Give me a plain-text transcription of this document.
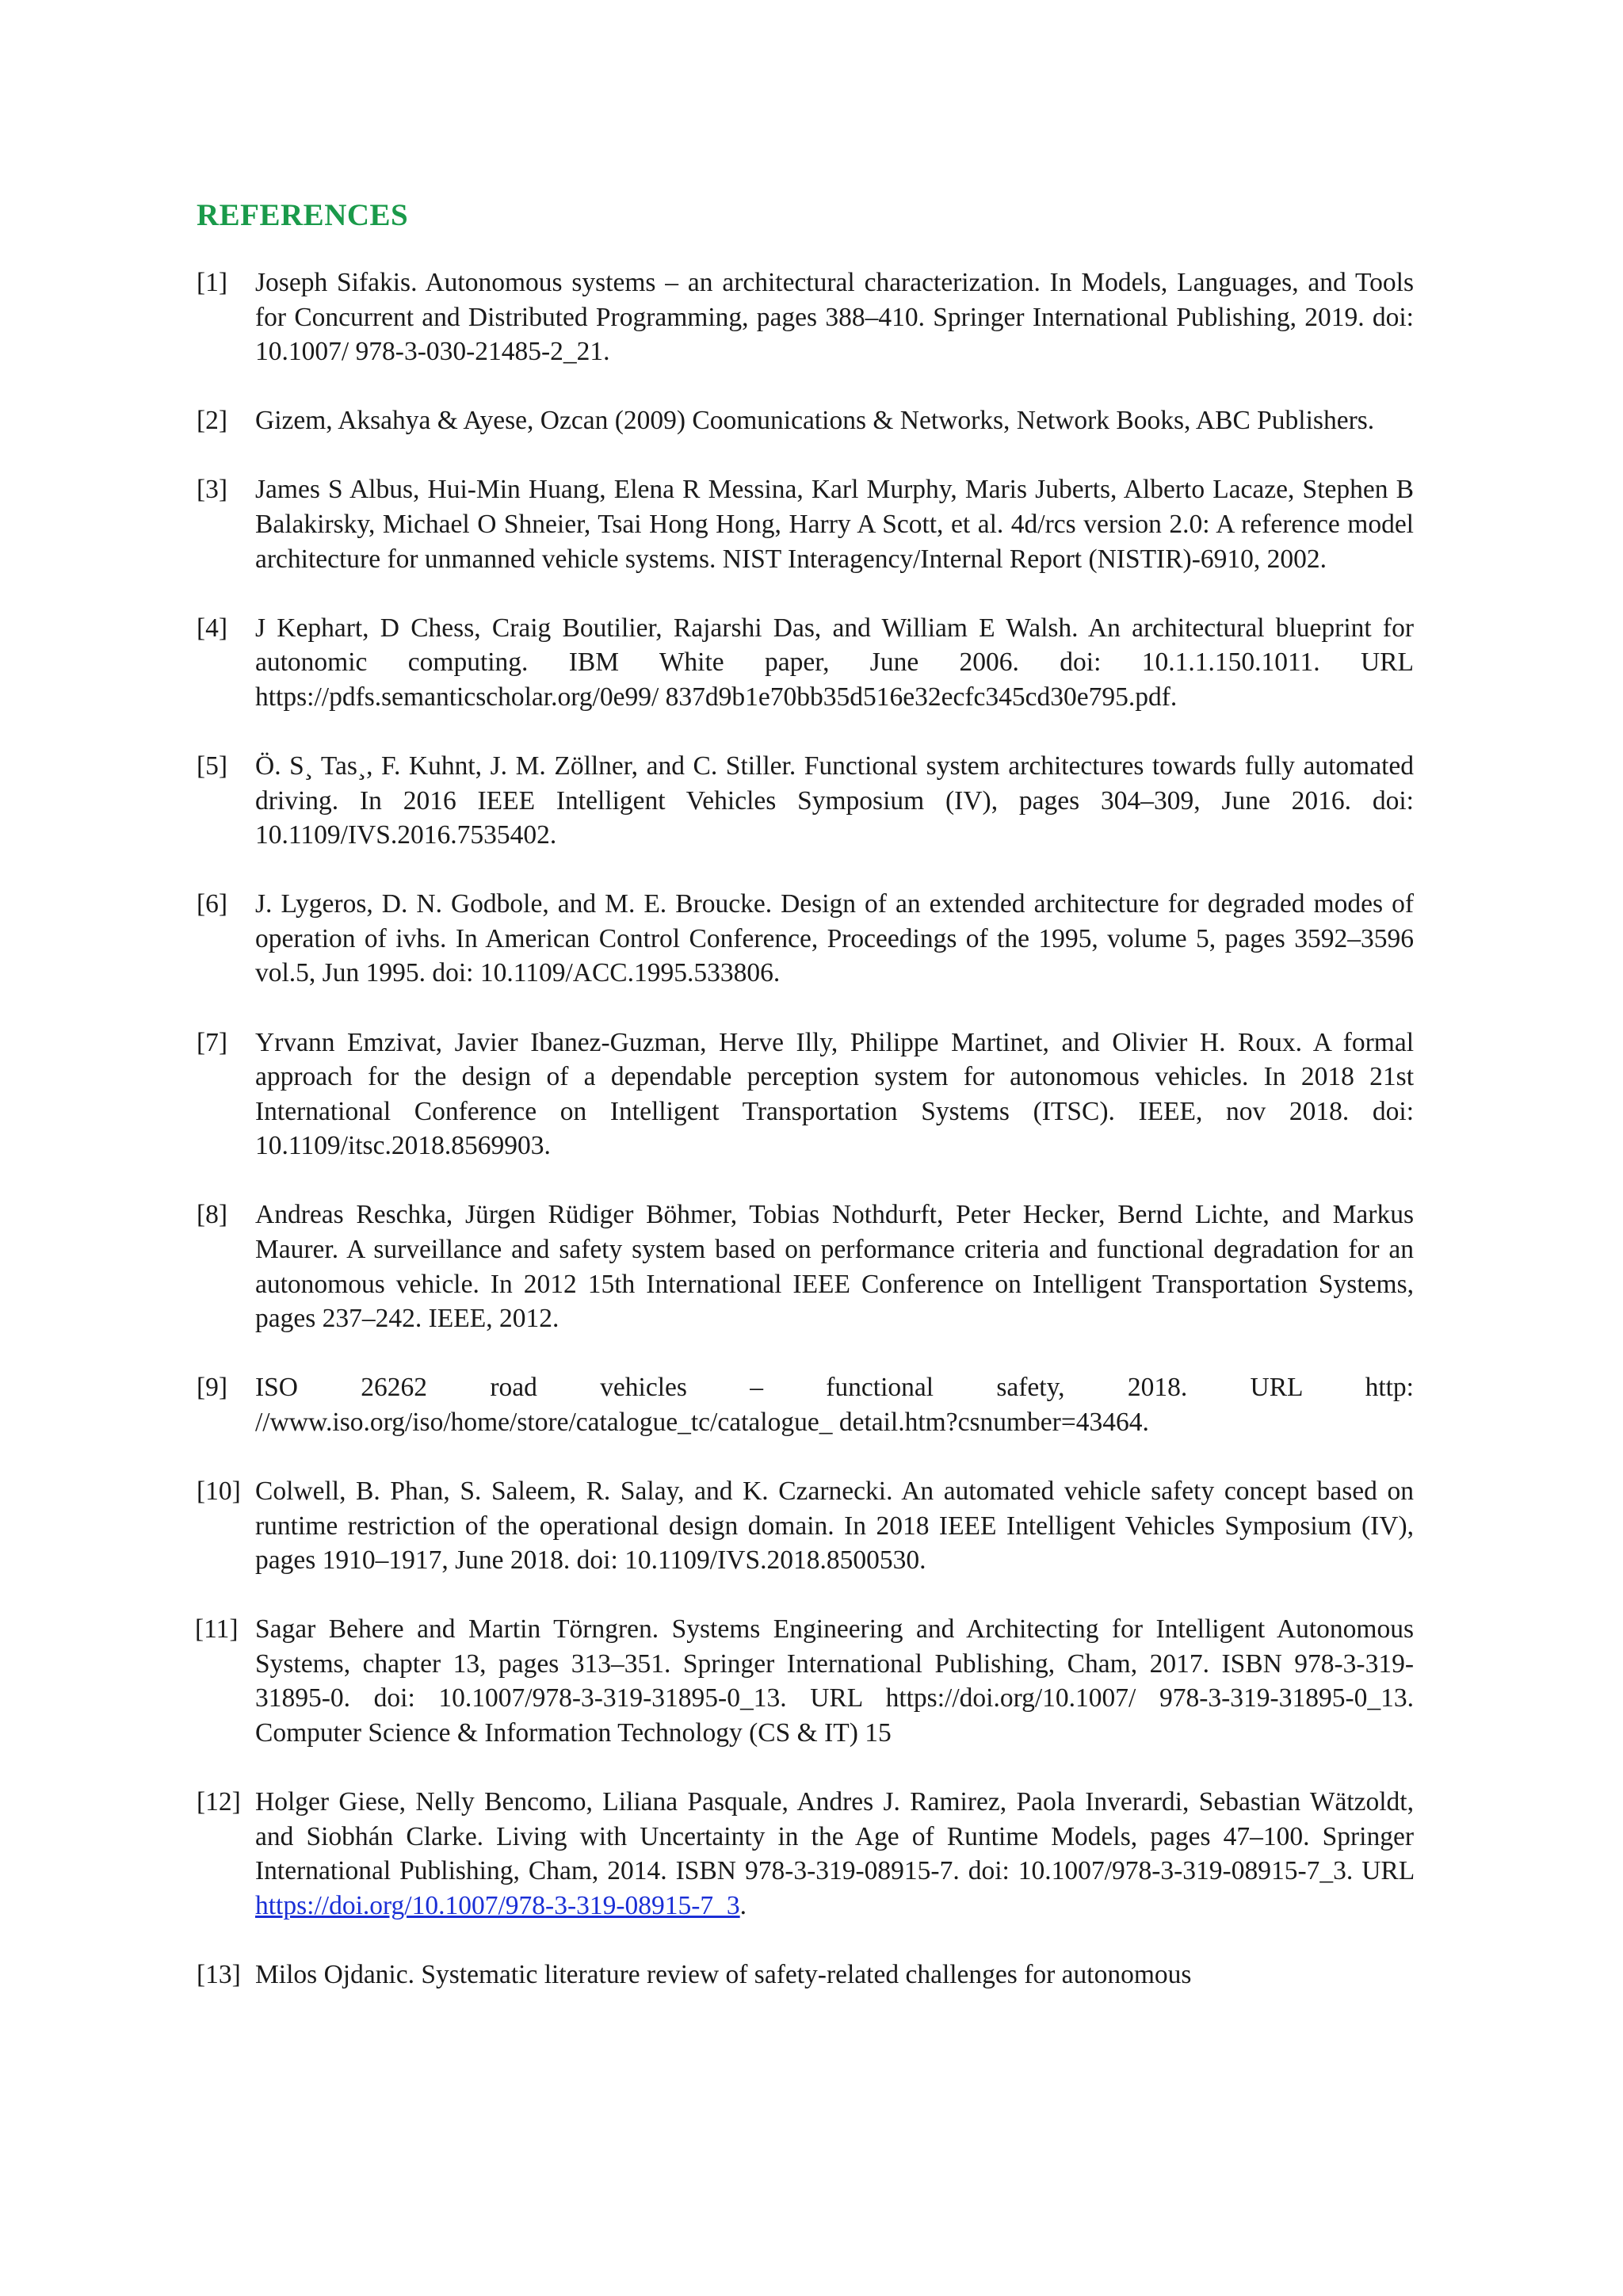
REFERENCES
[1] Joseph Sifakis. Autonomous systems – an architectural characterization. In Models, Languages, and Tools for Concurrent and Distributed Programming, pages 388–410. Springer International Publishing, 2019. doi: 10.1007/ 978-3-030-21485-2_21.
[2] Gizem, Aksahya & Ayese, Ozcan (2009) Coomunications & Networks, Network Books, ABC Publishers.
[3] James S Albus, Hui-Min Huang, Elena R Messina, Karl Murphy, Maris Juberts, Alberto Lacaze, Stephen B Balakirsky, Michael O Shneier, Tsai Hong Hong, Harry A Scott, et al. 4d/rcs version 2.0: A reference model architecture for unmanned vehicle systems. NIST Interagency/Internal Report (NISTIR)-6910, 2002.
[4] J Kephart, D Chess, Craig Boutilier, Rajarshi Das, and William E Walsh. An architectural blueprint for autonomic computing. IBM White paper, June 2006. doi: 10.1.1.150.1011. URL https://pdfs.semanticscholar.org/0e99/ 837d9b1e70bb35d516e32ecfc345cd30e795.pdf.
[5] Ö. S¸ Tas¸, F. Kuhnt, J. M. Zöllner, and C. Stiller. Functional system architectures towards fully automated driving. In 2016 IEEE Intelligent Vehicles Symposium (IV), pages 304–309, June 2016. doi: 10.1109/IVS.2016.7535402.
[6] J. Lygeros, D. N. Godbole, and M. E. Broucke. Design of an extended architecture for degraded modes of operation of ivhs. In American Control Conference, Proceedings of the 1995, volume 5, pages 3592–3596 vol.5, Jun 1995. doi: 10.1109/ACC.1995.533806.
[7] Yrvann Emzivat, Javier Ibanez-Guzman, Herve Illy, Philippe Martinet, and Olivier H. Roux. A formal approach for the design of a dependable perception system for autonomous vehicles. In 2018 21st International Conference on Intelligent Transportation Systems (ITSC). IEEE, nov 2018. doi: 10.1109/itsc.2018.8569903.
[8] Andreas Reschka, Jürgen Rüdiger Böhmer, Tobias Nothdurft, Peter Hecker, Bernd Lichte, and Markus Maurer. A surveillance and safety system based on performance criteria and functional degradation for an autonomous vehicle. In 2012 15th International IEEE Conference on Intelligent Transportation Systems, pages 237–242. IEEE, 2012.
[9] ISO 26262 road vehicles – functional safety, 2018. URL http: //www.iso.org/iso/home/store/catalogue_tc/catalogue_ detail.htm?csnumber=43464.
[10] Colwell, B. Phan, S. Saleem, R. Salay, and K. Czarnecki. An automated vehicle safety concept based on runtime restriction of the operational design domain. In 2018 IEEE Intelligent Vehicles Symposium (IV), pages 1910–1917, June 2018. doi: 10.1109/IVS.2018.8500530.
[11] Sagar Behere and Martin Törngren. Systems Engineering and Architecting for Intelligent Autonomous Systems, chapter 13, pages 313–351. Springer International Publishing, Cham, 2017. ISBN 978-3-319-31895-0. doi: 10.1007/978-3-319-31895-0_13. URL https://doi.org/10.1007/ 978-3-319-31895-0_13. Computer Science & Information Technology (CS & IT) 15
[12] Holger Giese, Nelly Bencomo, Liliana Pasquale, Andres J. Ramirez, Paola Inverardi, Sebastian Wätzoldt, and Siobhán Clarke. Living with Uncertainty in the Age of Runtime Models, pages 47–100. Springer International Publishing, Cham, 2014. ISBN 978-3-319-08915-7. doi: 10.1007/978-3-319-08915-7_3. URL https://doi.org/10.1007/978-3-319-08915-7_3.
[13] Milos Ojdanic. Systematic literature review of safety-related challenges for autonomous
